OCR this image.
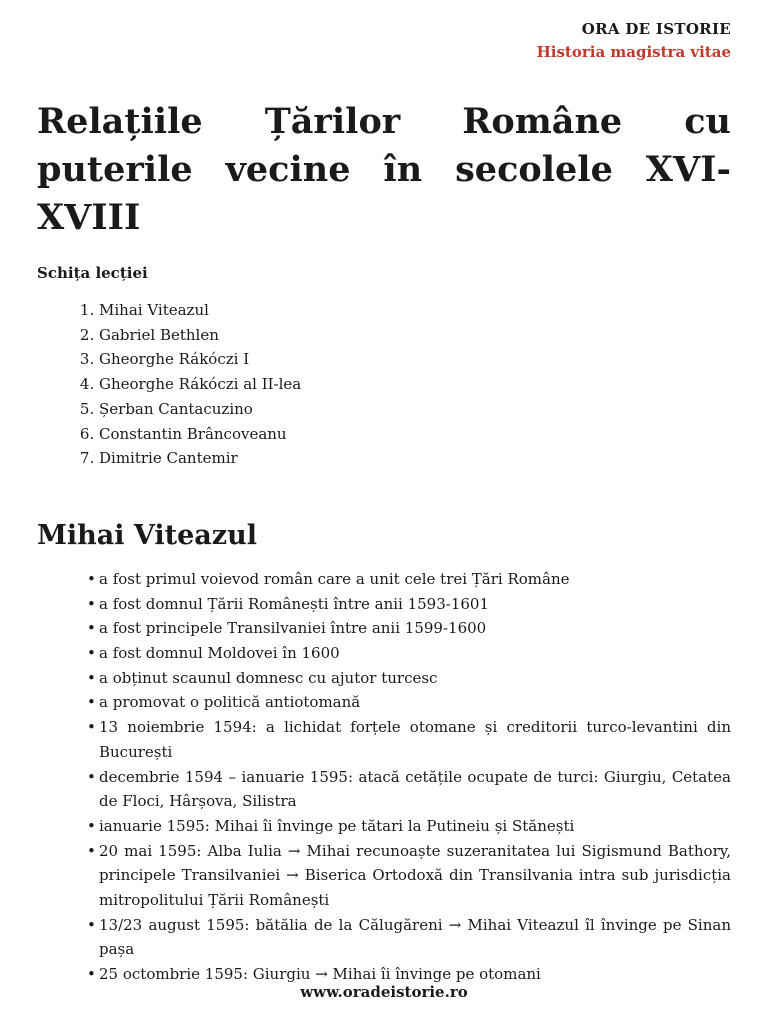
ORA DE ISTORIE
Historia magistra vitae
Relațiile Țărilor Române cu puterile vecine în secolele XVI-XVIII
Schița lecției
1. Mihai Viteazul
2. Gabriel Bethlen
3. Gheorghe Rákóczi I
4. Gheorghe Rákóczi al II-lea
5. Șerban Cantacuzino
6. Constantin Brâncoveanu
7. Dimitrie Cantemir
Mihai Viteazul
• a fost primul voievod român care a unit cele trei Țări Române
• a fost domnul Țării Românești între anii 1593-1601
• a fost principele Transilvaniei între anii 1599-1600
• a fost domnul Moldovei în 1600
• a obținut scaunul domnesc cu ajutor turcesc
• a promovat o politică antiotomană
• 13 noiembrie 1594: a lichidat forțele otomane și creditorii turco-levantini din București
• decembrie 1594 – ianuarie 1595: atacă cetățile ocupate de turci: Giurgiu, Cetatea de Floci, Hârșova, Silistra
• ianuarie 1595: Mihai îi învinge pe tătari la Putineiu și Stănești
• 20 mai 1595: Alba Iulia → Mihai recunoaște suzeranitatea lui Sigismund Bathory, principele Transilvaniei → Biserica Ortodoxă din Transilvania intra sub jurisdicția mitropolitului Țării Românești
• 13/23 august 1595: bătălia de la Călugăreni → Mihai Viteazul îl învinge pe Sinan pașa
• 25 octombrie 1595: Giurgiu → Mihai îi învinge pe otomani
www.oradeistorie.ro
